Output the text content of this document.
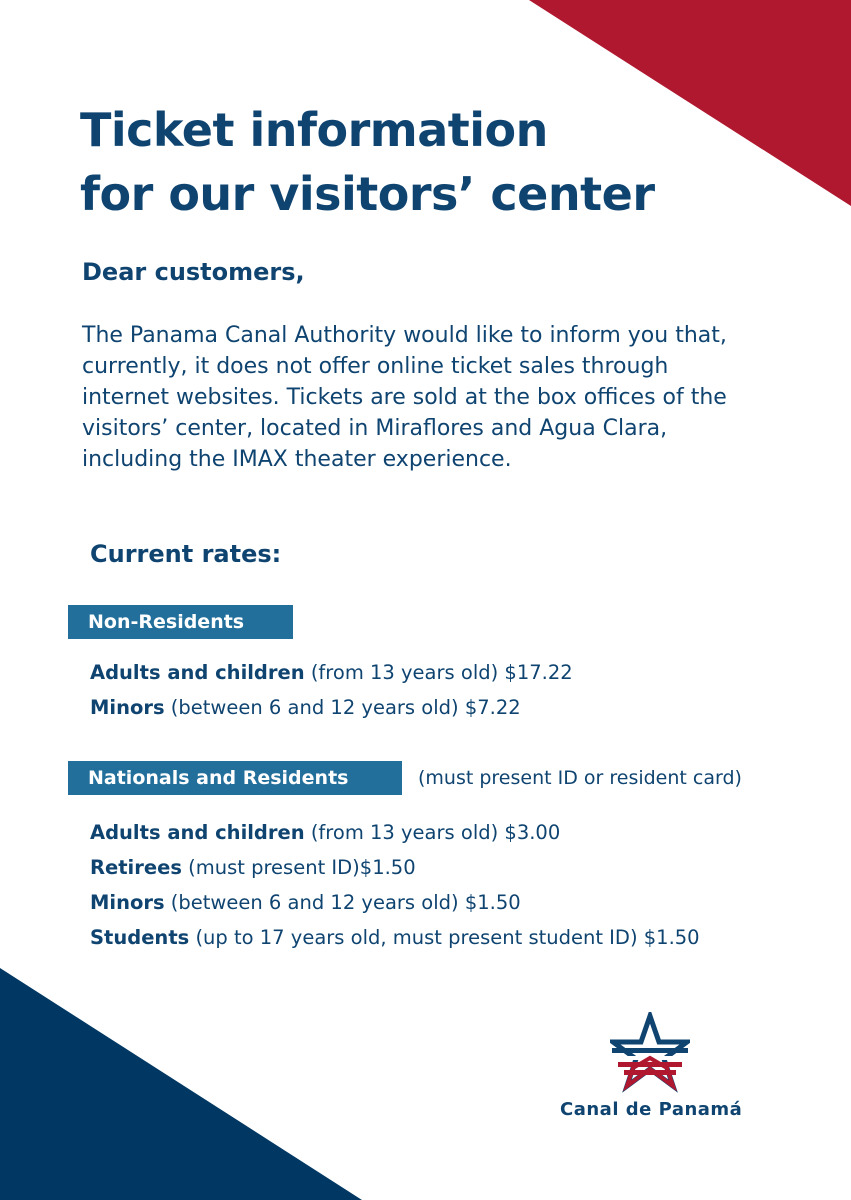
Ticket information
for our visitors’ center

Dear customers,

The Panama Canal Authority would like to inform you that,
currently, it does not offer online ticket sales through
internet websites. Tickets are sold at the box offices of the
visitors’ center, located in Miraflores and Agua Clara,
including the IMAX theater experience.

Current rates:

Non-Residents
Adults and children (from 13 years old) $17.22
Minors (between 6 and 12 years old) $7.22
Nationals and Residents	(must present ID or resident card)
Adults and children (from 13 years old) $3.00
Retirees (must present ID)$1.50
Minors (between 6 and 12 years old) $1.50
Students (up to 17 years old, must present student ID) $1.50
Canal de Panamá
